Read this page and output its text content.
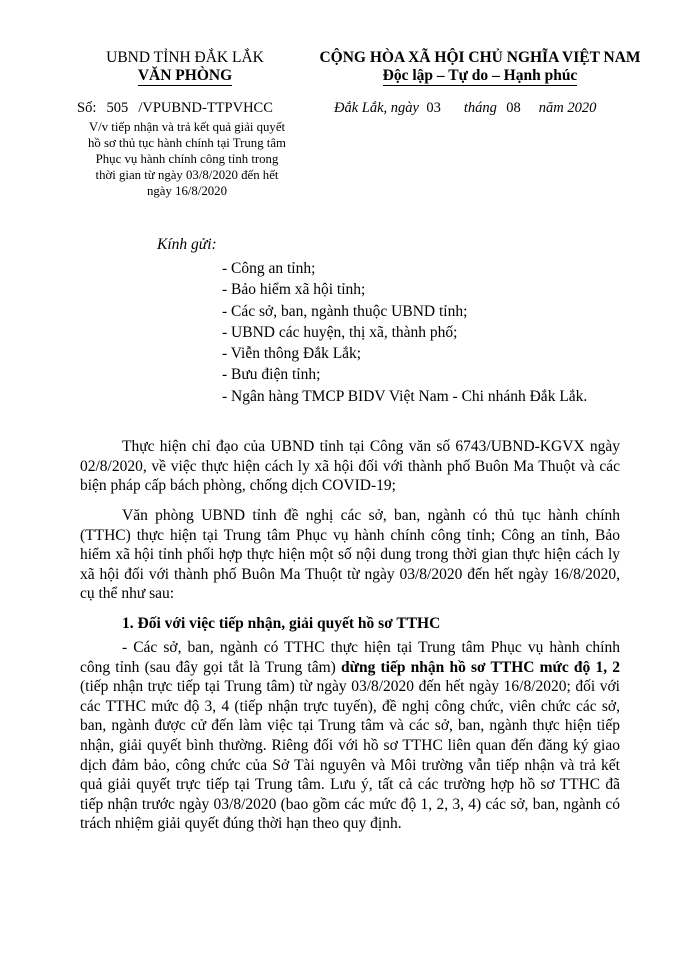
UBND TỈNH ĐẮK LẮK
VĂN PHÒNG
CỘNG HÒA XÃ HỘI CHỦ NGHĨA VIỆT NAM
Độc lập – Tự do – Hạnh phúc
Số: 505 /VPUBND-TTPVHCC	Đắk Lắk, ngày 03 tháng 08 năm 2020
V/v tiếp nhận và trả kết quả giải quyết
hồ sơ thủ tục hành chính tại Trung tâm
Phục vụ hành chính công tỉnh trong
thời gian từ ngày 03/8/2020 đến hết
ngày 16/8/2020
Kính gửi:
- Công an tỉnh;
- Bảo hiểm xã hội tỉnh;
- Các sở, ban, ngành thuộc UBND tỉnh;
- UBND các huyện, thị xã, thành phố;
- Viễn thông Đắk Lắk;
- Bưu điện tỉnh;
- Ngân hàng TMCP BIDV Việt Nam - Chi nhánh Đắk Lắk.
Thực hiện chỉ đạo của UBND tỉnh tại Công văn số 6743/UBND-KGVX ngày 02/8/2020, về việc thực hiện cách ly xã hội đối với thành phố Buôn Ma Thuột và các biện pháp cấp bách phòng, chống dịch COVID-19;
Văn phòng UBND tỉnh đề nghị các sở, ban, ngành có thủ tục hành chính (TTHC) thực hiện tại Trung tâm Phục vụ hành chính công tỉnh; Công an tỉnh, Bảo hiểm xã hội tỉnh phối hợp thực hiện một số nội dung trong thời gian thực hiện cách ly xã hội đối với thành phố Buôn Ma Thuột từ ngày 03/8/2020 đến hết ngày 16/8/2020, cụ thể như sau:
1. Đối với việc tiếp nhận, giải quyết hồ sơ TTHC
- Các sở, ban, ngành có TTHC thực hiện tại Trung tâm Phục vụ hành chính công tỉnh (sau đây gọi tắt là Trung tâm) dừng tiếp nhận hồ sơ TTHC mức độ 1, 2 (tiếp nhận trực tiếp tại Trung tâm) từ ngày 03/8/2020 đến hết ngày 16/8/2020; đối với các TTHC mức độ 3, 4 (tiếp nhận trực tuyến), đề nghị công chức, viên chức các sở, ban, ngành được cử đến làm việc tại Trung tâm và các sở, ban, ngành thực hiện tiếp nhận, giải quyết bình thường. Riêng đối với hồ sơ TTHC liên quan đến đăng ký giao dịch đảm bảo, công chức của Sở Tài nguyên và Môi trường vẫn tiếp nhận và trả kết quả giải quyết trực tiếp tại Trung tâm. Lưu ý, tất cả các trường hợp hồ sơ TTHC đã tiếp nhận trước ngày 03/8/2020 (bao gồm các mức độ 1, 2, 3, 4) các sở, ban, ngành có trách nhiệm giải quyết đúng thời hạn theo quy định.
